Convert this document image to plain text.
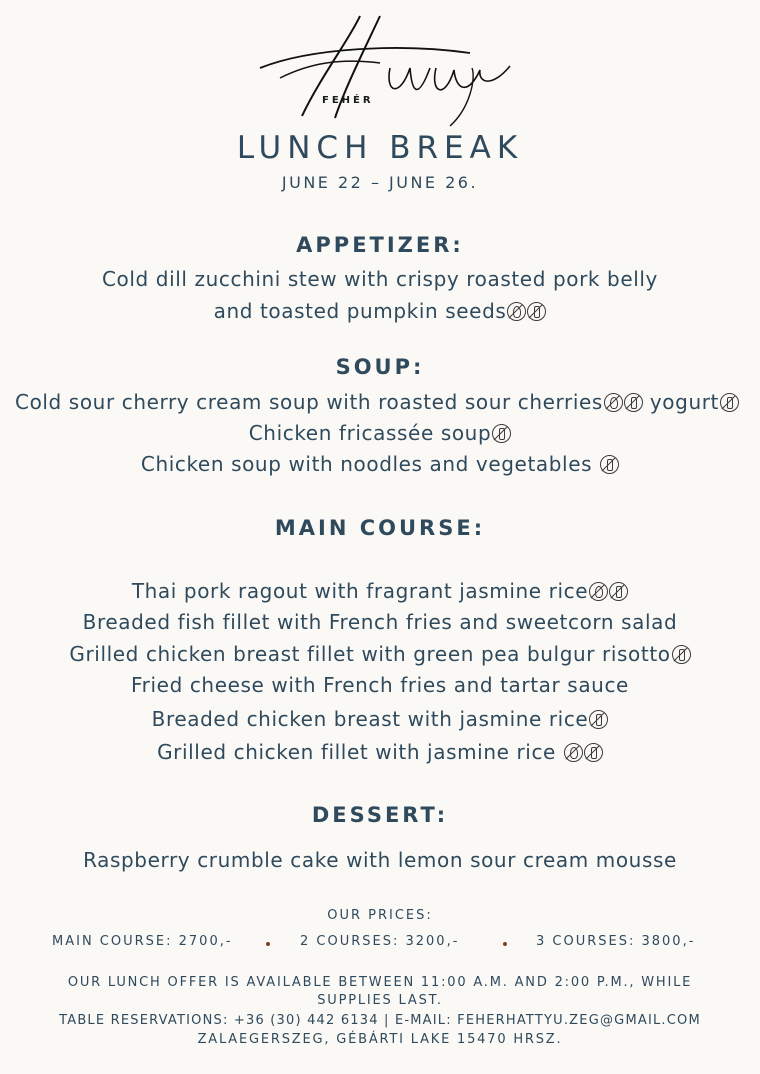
FEHÉR
LUNCH BREAK
JUNE 22 – JUNE 26.
APPETIZER:
Cold dill zucchini stew with crispy roasted pork belly
and toasted pumpkin seeds
SOUP:
Cold sour cherry cream soup with roasted sour cherries yogurt
Chicken fricassée soup
Chicken soup with noodles and vegetables
MAIN COURSE:
Thai pork ragout with fragrant jasmine rice
Breaded fish fillet with French fries and sweetcorn salad
Grilled chicken breast fillet with green pea bulgur risotto
Fried cheese with French fries and tartar sauce
Breaded chicken breast with jasmine rice
Grilled chicken fillet with jasmine rice
DESSERT:
Raspberry crumble cake with lemon sour cream mousse
OUR PRICES:
MAIN COURSE: 2700,-	2 COURSES: 3200,-	3 COURSES: 3800,-
OUR LUNCH OFFER IS AVAILABLE BETWEEN 11:00 A.M. AND 2:00 P.M., WHILE
SUPPLIES LAST.
TABLE RESERVATIONS: +36 (30) 442 6134 | E-MAIL: FEHERHATTYU.ZEG@GMAIL.COM
ZALAEGERSZEG, GÉBÁRTI LAKE 15470 HRSZ.
